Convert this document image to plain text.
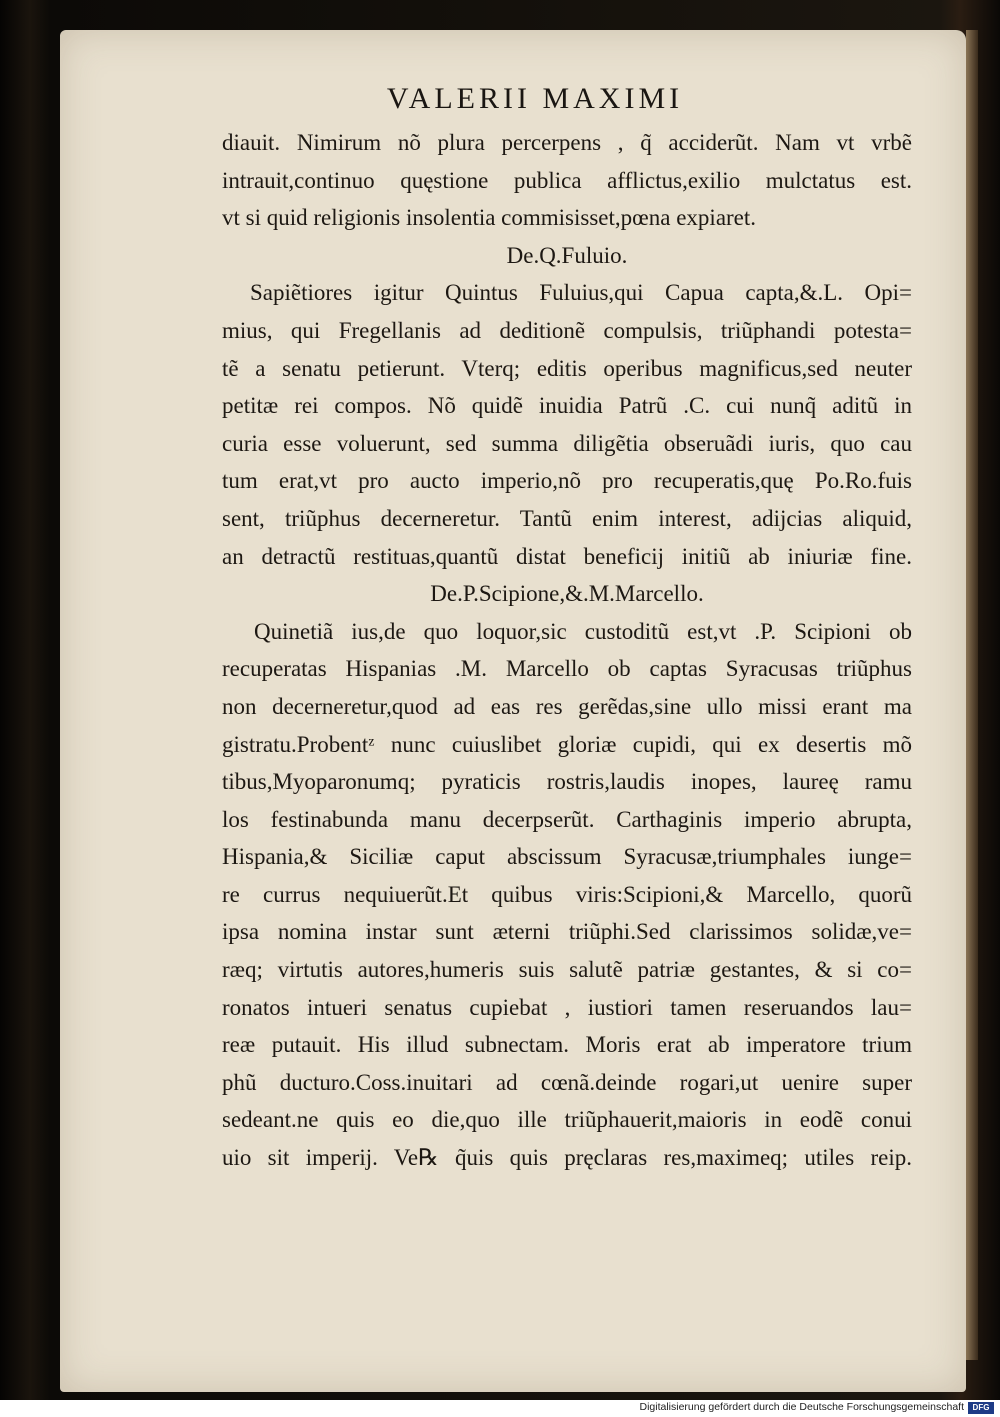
VALERII MAXIMI
diauit. Nimirum nõ plura percerpens , q̃ acciderũt. Nam vt vrbẽ
intrauit,continuo quęstione publica afflictus,exilio mulctatus est.
vt si quid religionis insolentia commisisset,pœna expiaret.
De.Q.Fuluio.
Sapiẽtiores igitur Quintus Fuluius,qui Capua capta,&.L. Opi=
mius, qui Fregellanis ad deditionẽ compulsis, triũphandi potesta=
tẽ a senatu petierunt. Vterq; editis operibus magnificus,sed neuter
petitæ rei compos. Nõ quidẽ inuidia Patrũ .C. cui nunq̃ aditũ in
curia esse voluerunt, sed summa diligẽtia obseruãdi iuris, quo cau
tum erat,vt pro aucto imperio,nõ pro recuperatis,quę Po.Ro.fuis
sent, triũphus decerneretur. Tantũ enim interest, adijcias aliquid,
an detractũ restituas,quantũ distat beneficij initiũ ab iniuriæ fine.
De.P.Scipione,&.M.Marcello.
Quinetiã ius,de quo loquor,sic custoditũ est,vt .P. Scipioni ob
recuperatas Hispanias .M. Marcello ob captas Syracusas triũphus
non decerneretur,quod ad eas res gerẽdas,sine ullo missi erant ma
gistratu.Probentᶻ nunc cuiuslibet gloriæ cupidi, qui ex desertis mõ
tibus,Myoparonumq; pyraticis rostris,laudis inopes, laureę ramu
los festinabunda manu decerpserũt. Carthaginis imperio abrupta,
Hispania,& Siciliæ caput abscissum Syracusæ,triumphales iunge=
re currus nequiuerũt.Et quibus viris:Scipioni,& Marcello, quorũ
ipsa nomina instar sunt æterni triũphi.Sed clarissimos solidæ,ve=
ræq; virtutis autores,humeris suis salutẽ patriæ gestantes, & si co=
ronatos intueri senatus cupiebat , iustiori tamen reseruandos lau=
reæ putauit. His illud subnectam. Moris erat ab imperatore trium
phũ ducturo.Coss.inuitari ad cœnã.deinde rogari,ut uenire super
sedeant.ne quis eo die,quo ille triũphauerit,maioris in eodẽ conui
uio sit imperij. Ve℞ q̃uis quis pręclaras res,maximeq; utiles reip.
Digitalisierung gefördert durch die Deutsche Forschungsgemeinschaft	DFG
